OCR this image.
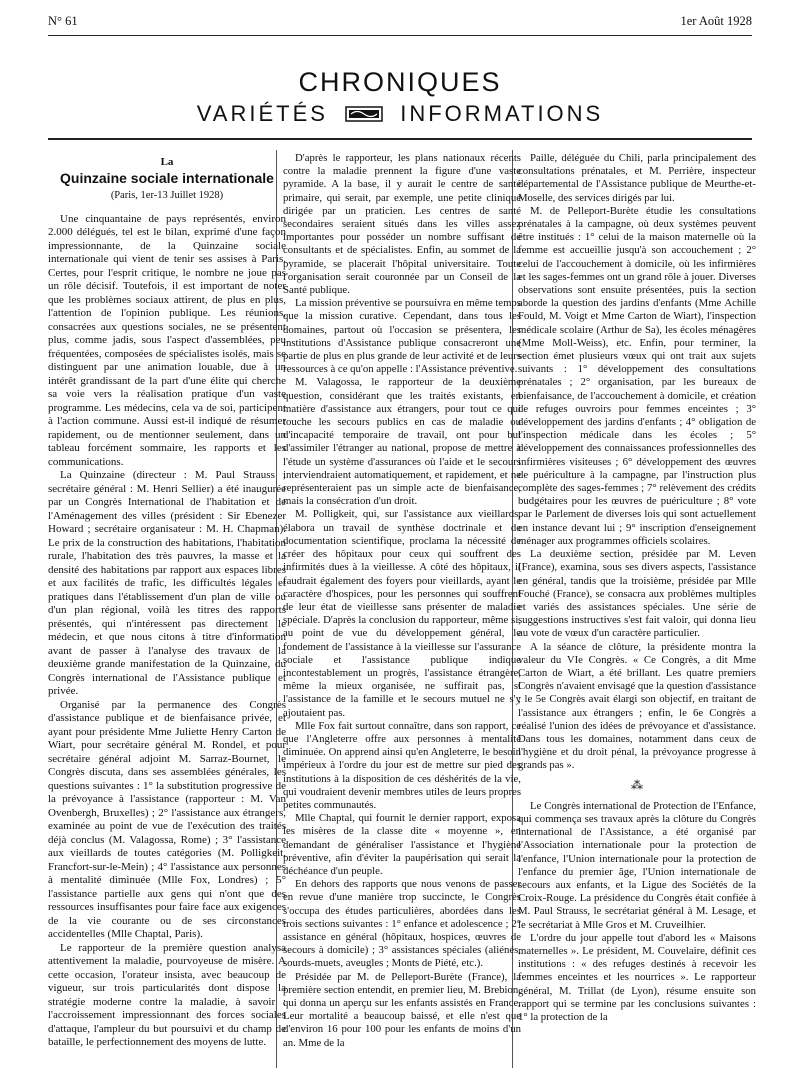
N° 61	1er Août 1928
CHRONIQUES
VARIÉTÉS	INFORMATIONS
La
Quinzaine sociale internationale
(Paris, 1er-13 Juillet 1928)

Une cinquantaine de pays représentés, environ 2.000 délégués, tel est le bilan, exprimé d'une façon impressionnante, de la Quinzaine sociale internationale qui vient de tenir ses assises à Paris. Certes, pour l'esprit critique, le nombre ne joue pas un rôle décisif. Toutefois, il est important de noter que les problèmes sociaux attirent, de plus en plus, l'attention de l'opinion publique. Les réunions, consacrées aux questions sociales, ne se présentent plus, comme jadis, sous l'aspect d'assemblées, peu fréquentées, composées de spécialistes isolés, mais se distinguent par une animation louable, due à un intérêt grandissant de la part d'une élite qui cherche sa voie vers la réalisation pratique d'un vaste programme. Les médecins, cela va de soi, participent à l'action commune. Aussi est-il indiqué de résumer rapidement, ou de mentionner seulement, dans un tableau forcément sommaire, les rapports et les communications.

La Quinzaine (directeur : M. Paul Strauss ; secrétaire général : M. Henri Sellier) a été inaugurée par un Congrès International de l'habitation et de l'Aménagement des villes (président : Sir Ebenezer Howard ; secrétaire organisateur : M. H. Chapman). Le prix de la construction des habitations, l'habitation rurale, l'habitation des très pauvres, la masse et la densité des habitations par rapport aux espaces libres et aux facilités de trafic, les difficultés légales et pratiques dans l'établissement d'un plan de ville ou d'un plan régional, voilà les titres des rapports présentés, qui n'intéressent pas directement le médecin, et que nous citons à titre d'information avant de passer à l'analyse des travaux de la deuxième grande manifestation de la Quinzaine, du Congrès international de l'Assistance publique et privée.

Organisé par la permanence des Congrès d'assistance publique et de bienfaisance privée, et ayant pour présidente Mme Juliette Henry Carton de Wiart, pour secrétaire général M. Rondel, et pour secrétaire général adjoint M. Sarraz-Bournet, le Congrès discuta, dans ses assemblées générales, les questions suivantes : 1° la substitution progressive de la prévoyance à l'assistance (rapporteur : M. Van Ovenbergh, Bruxelles) ; 2° l'assistance aux étrangers, examinée au point de vue de l'exécution des traités déjà conclus (M. Valagossa, Rome) ; 3° l'assistance aux vieillards de toutes catégories (M. Polligkeit, Francfort-sur-le-Mein) ; 4° l'assistance aux personnes à mentalité diminuée (Mlle Fox, Londres) ; 5° l'assistance partielle aux gens qui n'ont que des ressources insuffisantes pour faire face aux exigences de la vie courante ou de ses circonstances accidentelles (Mlle Chaptal, Paris).

Le rapporteur de la première question analysa attentivement la maladie, pourvoyeuse de misère. A cette occasion, l'orateur insista, avec beaucoup de vigueur, sur trois particularités dont dispose la stratégie moderne contre la maladie, à savoir : l'accroissement impressionnant des forces sociales d'attaque, l'ampleur du but poursuivi et du champ de bataille, le perfectionnement des moyens de lutte.

D'après le rapporteur, les plans nationaux récents contre la maladie prennent la figure d'une vaste pyramide. A la base, il y aurait le centre de santé primaire, qui serait, par exemple, une petite clinique dirigée par un praticien. Les centres de santé secondaires seraient situés dans les villes assez importantes pour posséder un nombre suffisant de consultants et de spécialistes. Enfin, au sommet de la pyramide, se placerait l'hôpital universitaire. Toute l'organisation serait couronnée par un Conseil de la Santé publique.

La mission préventive se poursuivra en même temps que la mission curative. Cependant, dans tous les domaines, partout où l'occasion se présentera, les institutions d'Assistance publique consacreront une partie de plus en plus grande de leur activité et de leurs ressources à ce qu'on appelle : l'Assistance préventive.

M. Valagossa, le rapporteur de la deuxième question, considérant que les traités existants, en matière d'assistance aux étrangers, pour tout ce qui touche les secours publics en cas de maladie ou d'incapacité temporaire de travail, ont pour but d'assimiler l'étranger au national, propose de mettre à l'étude un système d'assurances où l'aide et le secours interviendraient automatiquement, et rapidement, et ne représenteraient pas un simple acte de bienfaisance, mais la consécration d'un droit.

M. Polligkeit, qui, sur l'assistance aux vieillards, élabora un travail de synthèse doctrinale et de documentation scientifique, proclama la nécessité de créer des hôpitaux pour ceux qui souffrent des infirmités dues à la vieillesse. A côté des hôpitaux, il faudrait également des foyers pour vieillards, ayant le caractère d'hospices, pour les personnes qui souffrent de leur état de vieillesse sans présenter de maladie spéciale. D'après la conclusion du rapporteur, même si, au point de vue du développement général, le fondement de l'assistance à la vieillesse sur l'assurance sociale et l'assistance publique indique incontestablement un progrès, l'assistance étrangère, même la mieux organisée, ne suffirait pas, si l'assistance de la famille et le secours mutuel ne s'y ajoutaient pas.

Mlle Fox fait surtout connaître, dans son rapport, ce que l'Angleterre offre aux personnes à mentalité diminuée. On apprend ainsi qu'en Angleterre, le besoin impérieux à l'ordre du jour est de mettre sur pied des institutions à la disposition de ces déshérités de la vie, qui voudraient devenir membres utiles de leurs propres petites communautés.

Mlle Chaptal, qui fournit le dernier rapport, exposa les misères de la classe dite « moyenne », en demandant de généraliser l'assistance et l'hygiène préventive, afin d'éviter la paupérisation qui serait la déchéance d'un peuple.

En dehors des rapports que nous venons de passer en revue d'une manière trop succincte, le Congrès s'occupa des études particulières, abordées dans les trois sections suivantes : 1° enfance et adolescence ; 2° assistance en général (hôpitaux, hospices, œuvres de secours à domicile) ; 3° assistances spéciales (aliénés, sourds-muets, aveugles ; Monts de Piété, etc.).

Présidée par M. de Pelleport-Burète (France), la première section entendit, en premier lieu, M. Brebion, qui donna un aperçu sur les enfants assistés en France. Leur mortalité a beaucoup baissé, et elle n'est que d'environ 16 pour 100 pour les enfants de moins d'un an. Mme de la

Paille, déléguée du Chili, parla principalement des consultations prénatales, et M. Perrière, inspecteur départemental de l'Assistance publique de Meurthe-et-Moselle, des services dirigés par lui.

M. de Pelleport-Burète étudie les consultations prénatales à la campagne, où deux systèmes peuvent être institués : 1° celui de la maison maternelle où la femme est accueillie jusqu'à son accouchement ; 2° celui de l'accouchement à domicile, où les infirmières et les sages-femmes ont un grand rôle à jouer. Diverses observations sont ensuite présentées, puis la section aborde la question des jardins d'enfants (Mme Achille Fould, M. Voigt et Mme Carton de Wiart), l'inspection médicale scolaire (Arthur de Sa), les écoles ménagères (Mme Moll-Weiss), etc. Enfin, pour terminer, la section émet plusieurs vœux qui ont trait aux sujets suivants : 1° développement des consultations prénatales ; 2° organisation, par les bureaux de bienfaisance, de l'accouchement à domicile, et création de refuges ouvroirs pour femmes enceintes ; 3° développement des jardins d'enfants ; 4° obligation de l'inspection médicale dans les écoles ; 5° développement des connaissances professionnelles des infirmières visiteuses ; 6° développement des œuvres de puériculture à la campagne, par l'instruction plus complète des sages-femmes ; 7° relèvement des crédits budgétaires pour les œuvres de puériculture ; 8° vote par le Parlement de diverses lois qui sont actuellement en instance devant lui ; 9° inscription d'enseignement ménager aux programmes officiels scolaires.

La deuxième section, présidée par M. Leven (France), examina, sous ses divers aspects, l'assistance en général, tandis que la troisième, présidée par Mlle Fouché (France), se consacra aux problèmes multiples et variés des assistances spéciales. Une série de suggestions instructives s'est fait valoir, qui donna lieu au vote de vœux d'un caractère particulier.

A la séance de clôture, la présidente montra la valeur du VIe Congrès. « Ce Congrès, a dit Mme Carton de Wiart, a été brillant. Les quatre premiers Congrès n'avaient envisagé que la question d'assistance ; le 5e Congrès avait élargi son objectif, en traitant de l'assistance aux étrangers ; enfin, le 6e Congrès a réalisé l'union des idées de prévoyance et d'assistance. Dans tous les domaines, notamment dans ceux de l'hygiène et du droit pénal, la prévoyance progresse à grands pas ».

⁂

Le Congrès international de Protection de l'Enfance, qui commença ses travaux après la clôture du Congrès international de l'Assistance, a été organisé par l'Association internationale pour la protection de l'enfance, l'Union internationale pour la protection de l'enfance du premier âge, l'Union internationale de secours aux enfants, et la Ligue des Sociétés de la Croix-Rouge. La présidence du Congrès était confiée à M. Paul Strauss, le secrétariat général à M. Lesage, et le secrétariat à Mlle Gros et M. Cruveilhier.

L'ordre du jour appelle tout d'abord les « Maisons maternelles ». Le président, M. Couvelaire, définit ces institutions : « des refuges destinés à recevoir les femmes enceintes et les nourrices ». Le rapporteur général, M. Trillat (de Lyon), résume ensuite son rapport qui se termine par les conclusions suivantes : 1° la protection de la
